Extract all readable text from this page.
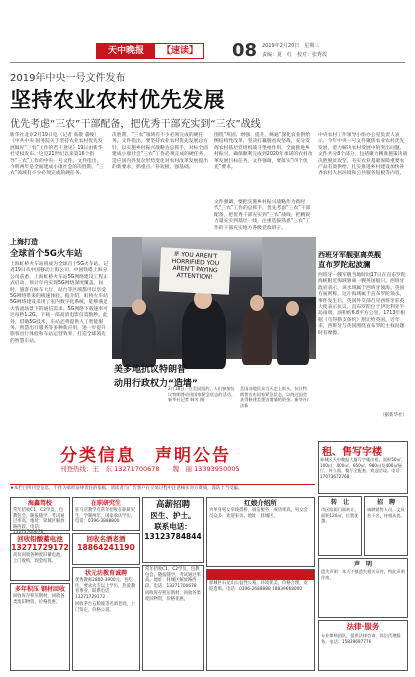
天中晚报	【速读】 08 2019年2月20日　星期三
责编：夏　红　校对：张秀霞
2019年中央一号文件发布
坚持农业农村优先发展
优先考虑“三农”干部配备，把优秀干部充实到“三农”战线
新华社北京2月19日电（记者 高敬 董峻）《中共中央 国务院关于坚持农业农村优先发展做好“三农”工作的若干意见》19日由新华社受权发布。这是21世纪以来第16个指导“三农”工作的中央一号文件。文件指出，今明两年是全面建成小康社会的决胜期，“三农”领域有不少必须完成的硬任务。
决胜期，“三农”领域有不少必须完成的硬任务。文件指出，要坚持农业农村优先发展总方针，以实施乡村振兴战略为总抓手，对标全面建成小康社会“三农”工作必须完成的硬任务，适应国内外复杂形势变化对农村改革发展提出的新要求，抓重点、补短板、强基础。
围绕“巩固、增强、提升、畅通”深化农业供给侧结构性改革，坚决打赢脱贫攻坚战，充分发挥农村基层党组织战斗堡垒作用，全面推进乡村振兴，确保顺利完成到2020年承诺的农村改革发展目标任务。文件强调，要落实“四个优先”要求。
文件强调，要把实施乡村振兴战略作为新时代“三农”工作的总抓手。优先考虑“三农”干部配备，把优秀干部充实到“三农”战线，把精锐力量充实到基层一线，注重选拔熟悉“三农”工作的干部充实地方各级党政班子。
上海打造
全球首个5G火车站
上海虹桥火车站将成为全球首个5G火车站。记者19日从中国移动上海公司、中国铁塔上海分公司获悉，上海虹桥火车站5G网络建设工程正式启动，预计年内实现5G网络深度覆盖。届时，旅客在候车大厅、站台等区域都可以享受5G网络带来的极速体验。据介绍，虹桥火车站5G网络建设采用了室内数字化系统，能够满足大客流场景下的通信需求。5G网络下载速率可达每秒1.2G，下载一部高清电影仅需数秒。此外，借助5G技术，车站还将提供人工智能服务、智慧出行服务等多种新应用，进一步提升旅客出行体验和车站运营效率，打造全球领先的智慧车站。
IF YOU AREN'T HORRIFIED YOU AREN'T PAYING ATTENTION!
美多地抗议特朗普
动用行政权力“造墙”
2月18日，在美国纽约，人们参加抗议特朗普动用国家紧急状态的活动。新华社记者 韩芳 摄
美国各地民众当天走上街头，抗议特朗普宣布国家紧急状态，以绕过国会获得修建美墨边境墙的资金。新华社/法新
中央农村工作领导小组办公室负责人表示，今年中央一号文件聚焦农业农村优先发展，着力解决农村发展中的突出问题。文件共分8个部分，包括聚力精准施策决战决胜脱贫攻坚、夯实农业基础保障重要农产品有效供给、扎实推进乡村建设加快补齐农村人居环境和公共服务短板等内容。
西班牙军舰驱离英舰
直布罗陀起波澜
西班牙一艘军舰当地时间17日在直布罗陀海峡附近海域驱离一艘英国船只。西班牙政府表示，该水域属于西班牙领海。英国方面则称，这片海域属于直布罗陀领水。事件发生后，英国外交部召见西班牙驻英大使表示抗议。直布罗陀位于伊比利亚半岛南端，面积约6.8平方公里，1713年根据《乌得勒支条约》割让给英国。近年来，西班牙与英国围绕直布罗陀主权问题时有摩擦。
（据新华社）
分类信息　声明公告
刊登热线：王　东 13271700678　　魏　丽 13393950005
★本栏目所刊登信息，不作为承担法律责任的依据，请读者与广告客户在交易过程中注意核实对方资质，谨防上当受骗。
海鑫驾校
常年招收C1、C2学员，包教包会，随报随学，考试通过率高。地址：驿城区解放路西段。电话：13271700678
回收铅酸蓄电池
13271729172
高价回收各种废旧蓄电池，上门收购，现金结算。
多年积压 钢材回收
回收库存积压钢材，回收各类废旧物资，价格优惠。
在职研究生
驻马店教学点常年招收在职研究生，学制两年，国家承认学历。电话：0396-3888800
回收名酒老酒
18864241190
状元坊教育诚聘
优秀教师2800-3900元，包吃住，要求大专以上学历，热爱教育事业。联系电话：13271729172
回收茅台五粮液等名酒老酒，上门鉴定，价格公道。
高薪招聘
医生、护士。
联系电话：
13123784844
常年招收C1、C2学员，包教包会，随报随学，考试通过率高。地址：驿城区解放路西段。电话：13271700678
回收库存积压钢材，回收各类废旧物资，价格优惠。
红娘介绍所
为单身男女牵线搭桥，诚信服务，成功率高，男女会员众多，欢迎来访。地址：驿城区。
驿城区石龙山公墓
驿城区石龙山公益性公墓，环境优美，价格合理，欢迎选购。电话：0396-2688888 18839668000
租、售写字楼
驿城区天中晚报大厦写字楼出租，面积50㎡、100㎡、400㎡、650㎡、980㎡及400㎡展厅，外立面、餐厅全配套，欢迎洽谈。电话：17073672768
转　让
市区临街门面转让，面积120㎡，位置优越。
招　聘
诚聘销售人员、文员若干名，待遇从优。
声　明
遗失声明：本人不慎遗失相关证件，特此声明作废。
法律·服务
专业律师团队，提供法律咨询、诉讼代理服务。电话：15839697776
